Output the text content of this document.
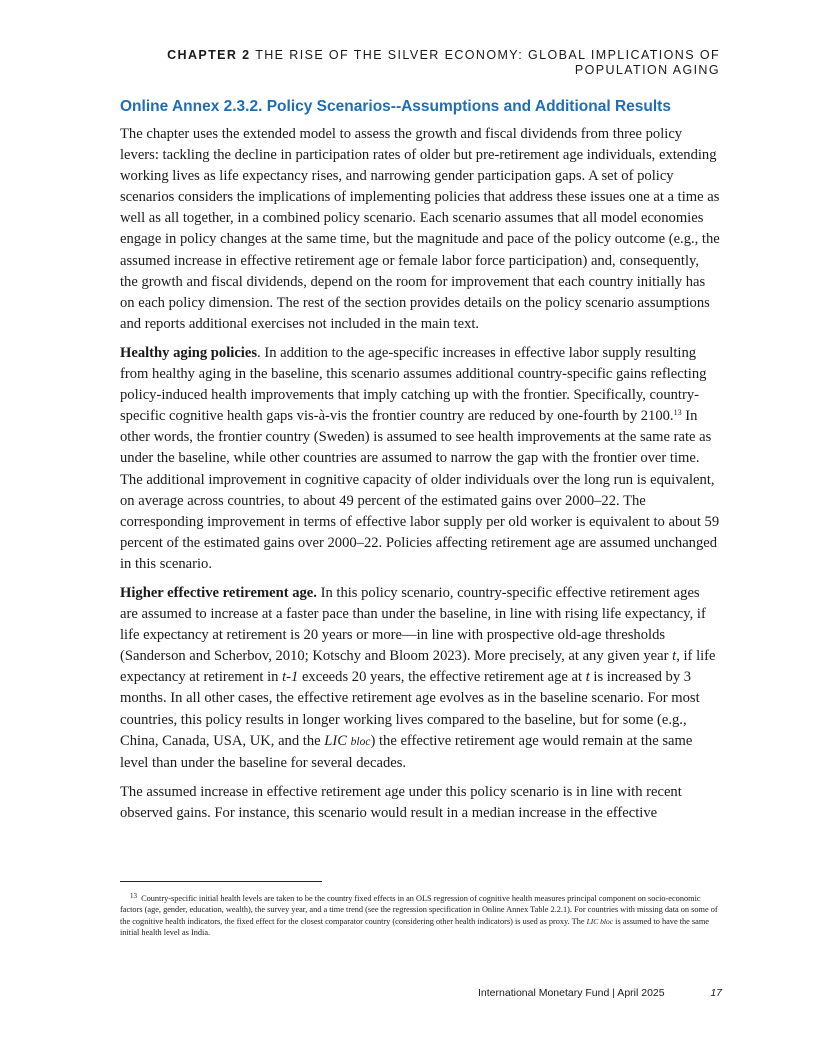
CHAPTER 2 THE RISE OF THE SILVER ECONOMY: GLOBAL IMPLICATIONS OF
POPULATION AGING
Online Annex 2.3.2. Policy Scenarios--Assumptions and Additional Results

The chapter uses the extended model to assess the growth and fiscal dividends from three policy levers: tackling the decline in participation rates of older but pre-retirement age individuals, extending working lives as life expectancy rises, and narrowing gender participation gaps. A set of policy scenarios considers the implications of implementing policies that address these issues one at a time as well as all together, in a combined policy scenario. Each scenario assumes that all model economies engage in policy changes at the same time, but the magnitude and pace of the policy outcome (e.g., the assumed increase in effective retirement age or female labor force participation) and, consequently, the growth and fiscal dividends, depend on the room for improvement that each country initially has on each policy dimension. The rest of the section provides details on the policy scenario assumptions and reports additional exercises not included in the main text.

Healthy aging policies. In addition to the age-specific increases in effective labor supply resulting from healthy aging in the baseline, this scenario assumes additional country-specific gains reflecting policy-induced health improvements that imply catching up with the frontier. Specifically, country-specific cognitive health gaps vis-à-vis the frontier country are reduced by one-fourth by 2100.13 In other words, the frontier country (Sweden) is assumed to see health improvements at the same rate as under the baseline, while other countries are assumed to narrow the gap with the frontier over time. The additional improvement in cognitive capacity of older individuals over the long run is equivalent, on average across countries, to about 49 percent of the estimated gains over 2000–22. The corresponding improvement in terms of effective labor supply per old worker is equivalent to about 59 percent of the estimated gains over 2000–22. Policies affecting retirement age are assumed unchanged in this scenario.

Higher effective retirement age. In this policy scenario, country-specific effective retirement ages are assumed to increase at a faster pace than under the baseline, in line with rising life expectancy, if life expectancy at retirement is 20 years or more—in line with prospective old-age thresholds (Sanderson and Scherbov, 2010; Kotschy and Bloom 2023). More precisely, at any given year t, if life expectancy at retirement in t-1 exceeds 20 years, the effective retirement age at t is increased by 3 months. In all other cases, the effective retirement age evolves as in the baseline scenario. For most countries, this policy results in longer working lives compared to the baseline, but for some (e.g., China, Canada, USA, UK, and the LIC bloc) the effective retirement age would remain at the same level than under the baseline for several decades.

The assumed increase in effective retirement age under this policy scenario is in line with recent observed gains. For instance, this scenario would result in a median increase in the effective

$^{13}$ Country-specific initial health levels are taken to be the country fixed effects in an OLS regression of cognitive health measures principal component on socio-economic factors (age, gender, education, wealth), the survey year, and a time trend (see the regression specification in Online Annex Table 2.2.1). For countries with missing data on some of the cognitive health indicators, the fixed effect for the closest comparator country (considering other health indicators) is used as proxy. The LIC bloc is assumed to have the same initial health level as India.
International Monetary Fund | April 2025	17
